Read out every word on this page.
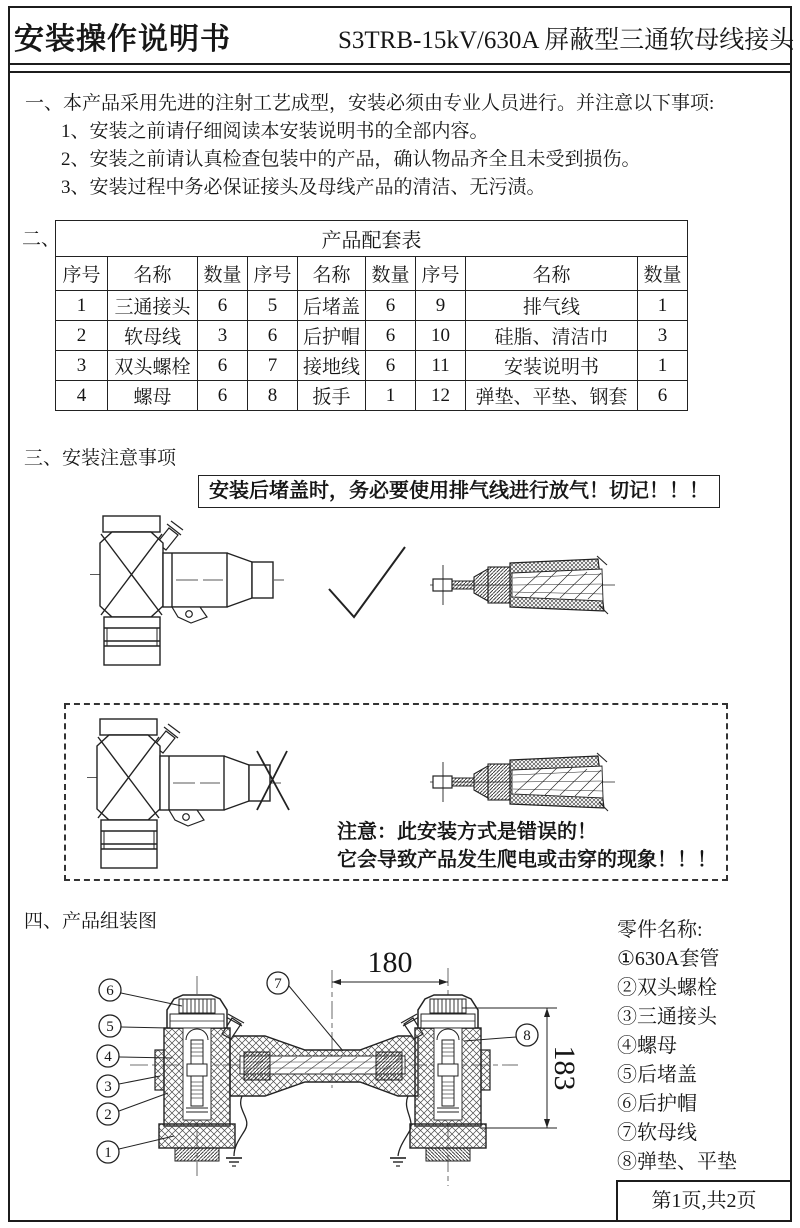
安装操作说明书	S3TRB-15kV/630A 屏蔽型三通软母线接头
一、本产品采用先进的注射工艺成型，安装必须由专业人员进行。并注意以下事项:
1、安装之前请仔细阅读本安装说明书的全部内容。
2、安装之前请认真检查包装中的产品，确认物品齐全且未受到损伤。
3、安装过程中务必保证接头及母线产品的清洁、无污渍。
二、	产品配套表								
序号	名称	数量	序号	名称	数量	序号	名称	数量
1	三通接头	6	5	后堵盖	6	9	排气线	1
2	软母线	3	6	后护帽	6	10	硅脂、清洁巾	3
3	双头螺栓	6	7	接地线	6	11	安装说明书	1
4	螺母	6	8	扳手	1	12	弹垫、平垫、钢套	6
三、安装注意事项
安装后堵盖时，务必要使用排气线进行放气！切记！！！
注意：此安装方式是错误的！
它会导致产品发生爬电或击穿的现象！！！
四、产品组装图	零件名称:
①630A套管
②双头螺栓
③三通接头
④螺母
⑤后堵盖
⑥后护帽
⑦软母线
⑧弹垫、平垫
180
183
6
5
4
3
2
1
7
8
第1页,共2页
